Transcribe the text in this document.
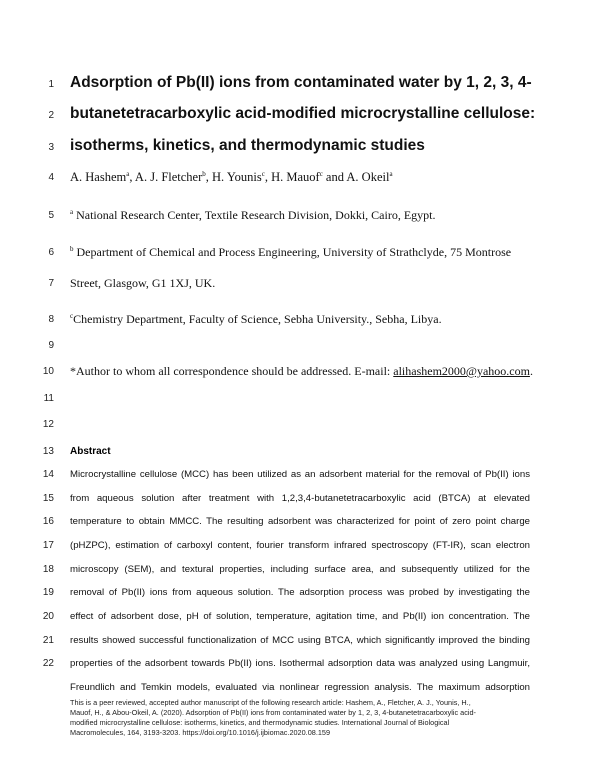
1
2
3
4
5
6
7
8
9
10
11
12
13
14
15
16
17
18
19
20
21
22
Adsorption of Pb(II) ions from contaminated water by 1, 2, 3, 4-
butanetetracarboxylic acid-modified microcrystalline cellulose:
isotherms, kinetics, and thermodynamic studies
A. Hashem$^a$, A. J. Fletcher$^b$, H. Younis$^c$, H. Mauof$^c$ and A. Okeil$^a$
$^a$ National Research Center, Textile Research Division, Dokki, Cairo, Egypt.
$^b$ Department of Chemical and Process Engineering, University of Strathclyde, 75 Montrose
Street, Glasgow, G1 1XJ, UK.
$^c$Chemistry Department, Faculty of Science, Sebha University., Sebha, Libya.
*Author to whom all correspondence should be addressed. E-mail: alihashem2000@yahoo.com.
Abstract
Microcrystalline cellulose (MCC) has been utilized as an adsorbent material for the removal of Pb(II) ions
from aqueous solution after treatment with 1,2,3,4-butanetetracarboxylic acid (BTCA) at elevated
temperature to obtain MMCC. The resulting adsorbent was characterized for point of zero point charge
(pHZPC), estimation of carboxyl content, fourier transform infrared spectroscopy (FT-IR), scan electron
microscopy (SEM), and textural properties, including surface area, and subsequently utilized for the
removal of Pb(II) ions from aqueous solution. The adsorption process was probed by investigating the
effect of adsorbent dose, pH of solution, temperature, agitation time, and Pb(II) ion concentration. The
results showed successful functionalization of MCC using BTCA, which significantly improved the binding
properties of the adsorbent towards Pb(II) ions. Isothermal adsorption data was analyzed using Langmuir,
Freundlich and Temkin models, evaluated via nonlinear regression analysis. The maximum adsorption
This is a peer reviewed, accepted author manuscript of the following research article: Hashem, A., Fletcher, A. J., Younis, H.,
Mauof, H., & Abou-Okeil, A. (2020). Adsorption of Pb(II) ions from contaminated water by 1, 2, 3, 4-butanetetracarboxylic acid-
modified microcrystalline cellulose: isotherms, kinetics, and thermodynamic studies. International Journal of Biological
Macromolecules, 164, 3193-3203. https://doi.org/10.1016/j.ijbiomac.2020.08.159
